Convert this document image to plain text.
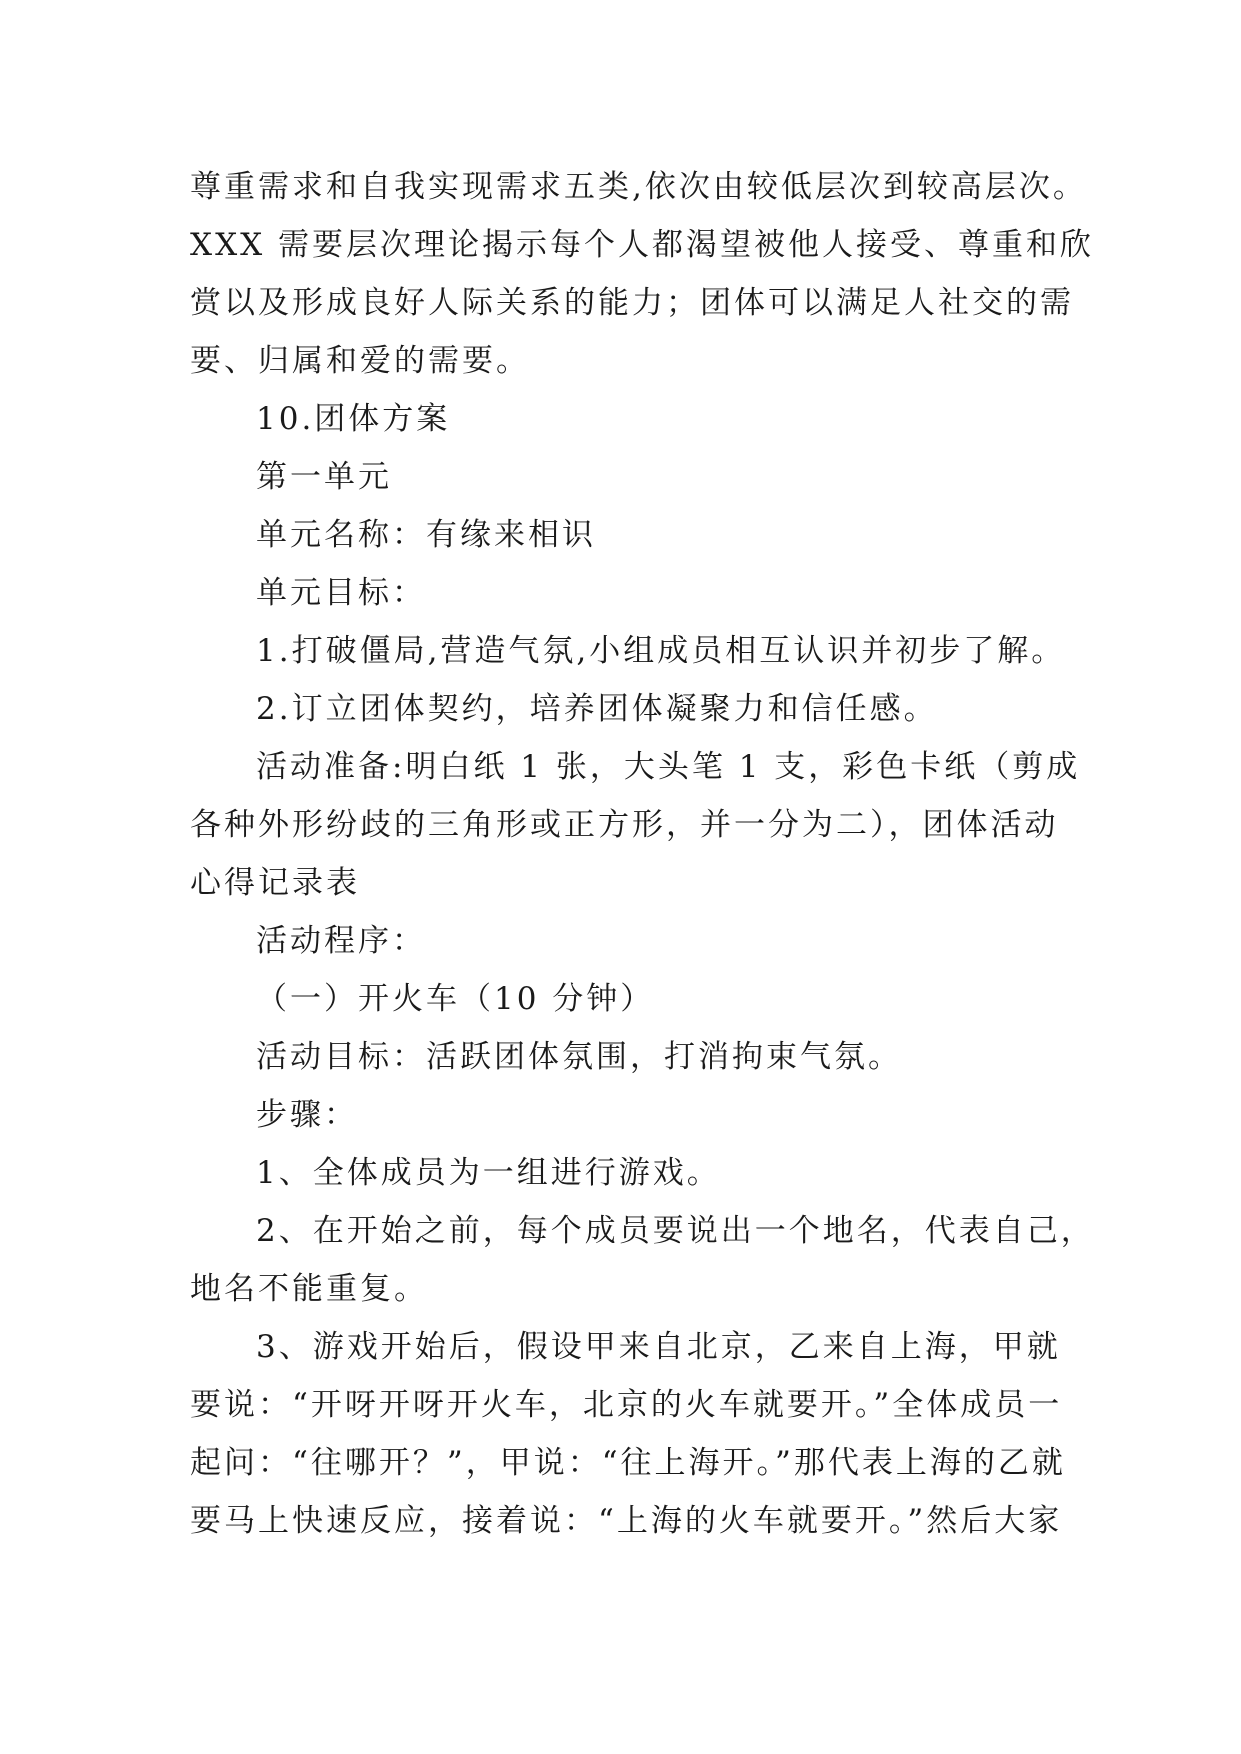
尊重需求和自我实现需求五类,依次由较低层次到较高层次。
XXX 需要层次理论揭示每个人都渴望被他人接受、尊重和欣
赏以及形成良好人际关系的能力；团体可以满足人社交的需
要、归属和爱的需要。
10.团体方案
第一单元
单元名称：有缘来相识
单元目标：
1.打破僵局,营造气氛,小组成员相互认识并初步了解。
2.订立团体契约，培养团体凝聚力和信任感。
活动准备:明白纸 1 张，大头笔 1 支，彩色卡纸（剪成
各种外形纷歧的三角形或正方形，并一分为二），团体活动
心得记录表
活动程序：
（一）开火车（10 分钟）
活动目标：活跃团体氛围，打消拘束气氛。
步骤：
1、全体成员为一组进行游戏。
2、在开始之前，每个成员要说出一个地名，代表自己，
地名不能重复。
3、游戏开始后，假设甲来自北京，乙来自上海，甲就
要说：“开呀开呀开火车，北京的火车就要开。”全体成员一
起问：“往哪开？”，甲说：“往上海开。”那代表上海的乙就
要马上快速反应，接着说：“上海的火车就要开。”然后大家
